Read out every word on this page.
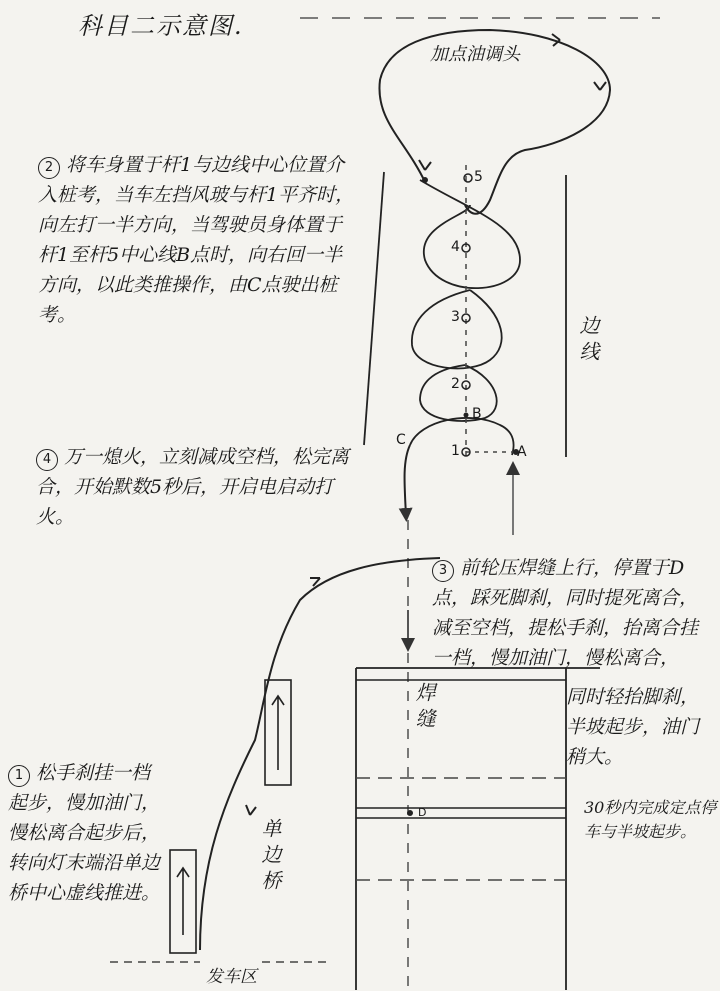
科目二示意图.
加点油调头
边线
焊缝
单边桥
发车区
5
4
3
2
1
B
A
C
D
2 将车身置于杆1与边线中心位置介入桩考，当车左挡风玻与杆1平齐时，向左打一半方向，当驾驶员身体置于杆1至杆5中心线B点时，向右回一半方向，以此类推操作，由C点驶出桩考。
4 万一熄火，立刻减成空档，松完离合，开始默数5秒后，开启电启动打火。
3 前轮压焊缝上行，停置于D点，踩死脚刹，同时提死离合，减至空档，提松手刹，抬离合挂一档，慢加油门，慢松离合，
同时轻抬脚刹，半坡起步，油门稍大。
30秒内完成定点停车与半坡起步。
1 松手刹挂一档起步，慢加油门，慢松离合起步后，转向灯末端沿单边桥中心虚线推进。
